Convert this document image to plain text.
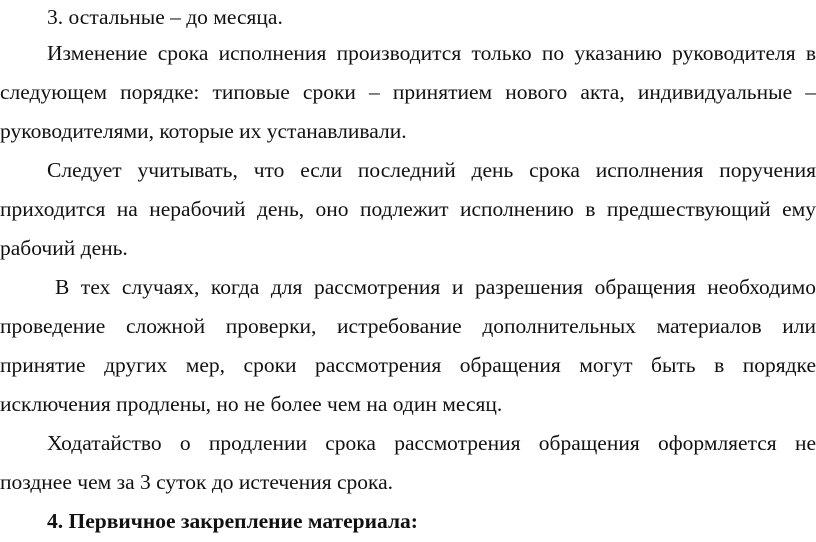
3. остальные – до месяца.
Изменение срока исполнения производится только по указанию руководителя в
следующем порядке: типовые сроки – принятием нового акта, индивидуальные –
руководителями, которые их устанавливали.
Следует учитывать, что если последний день срока исполнения поручения
приходится на нерабочий день, оно подлежит исполнению в предшествующий ему
рабочий день.
В тех случаях, когда для рассмотрения и разрешения обращения необходимо
проведение сложной проверки, истребование дополнительных материалов или
принятие других мер, сроки рассмотрения обращения могут быть в порядке
исключения продлены, но не более чем на один месяц.
Ходатайство о продлении срока рассмотрения обращения оформляется не
позднее чем за 3 суток до истечения срока.
4. Первичное закрепление материала:
